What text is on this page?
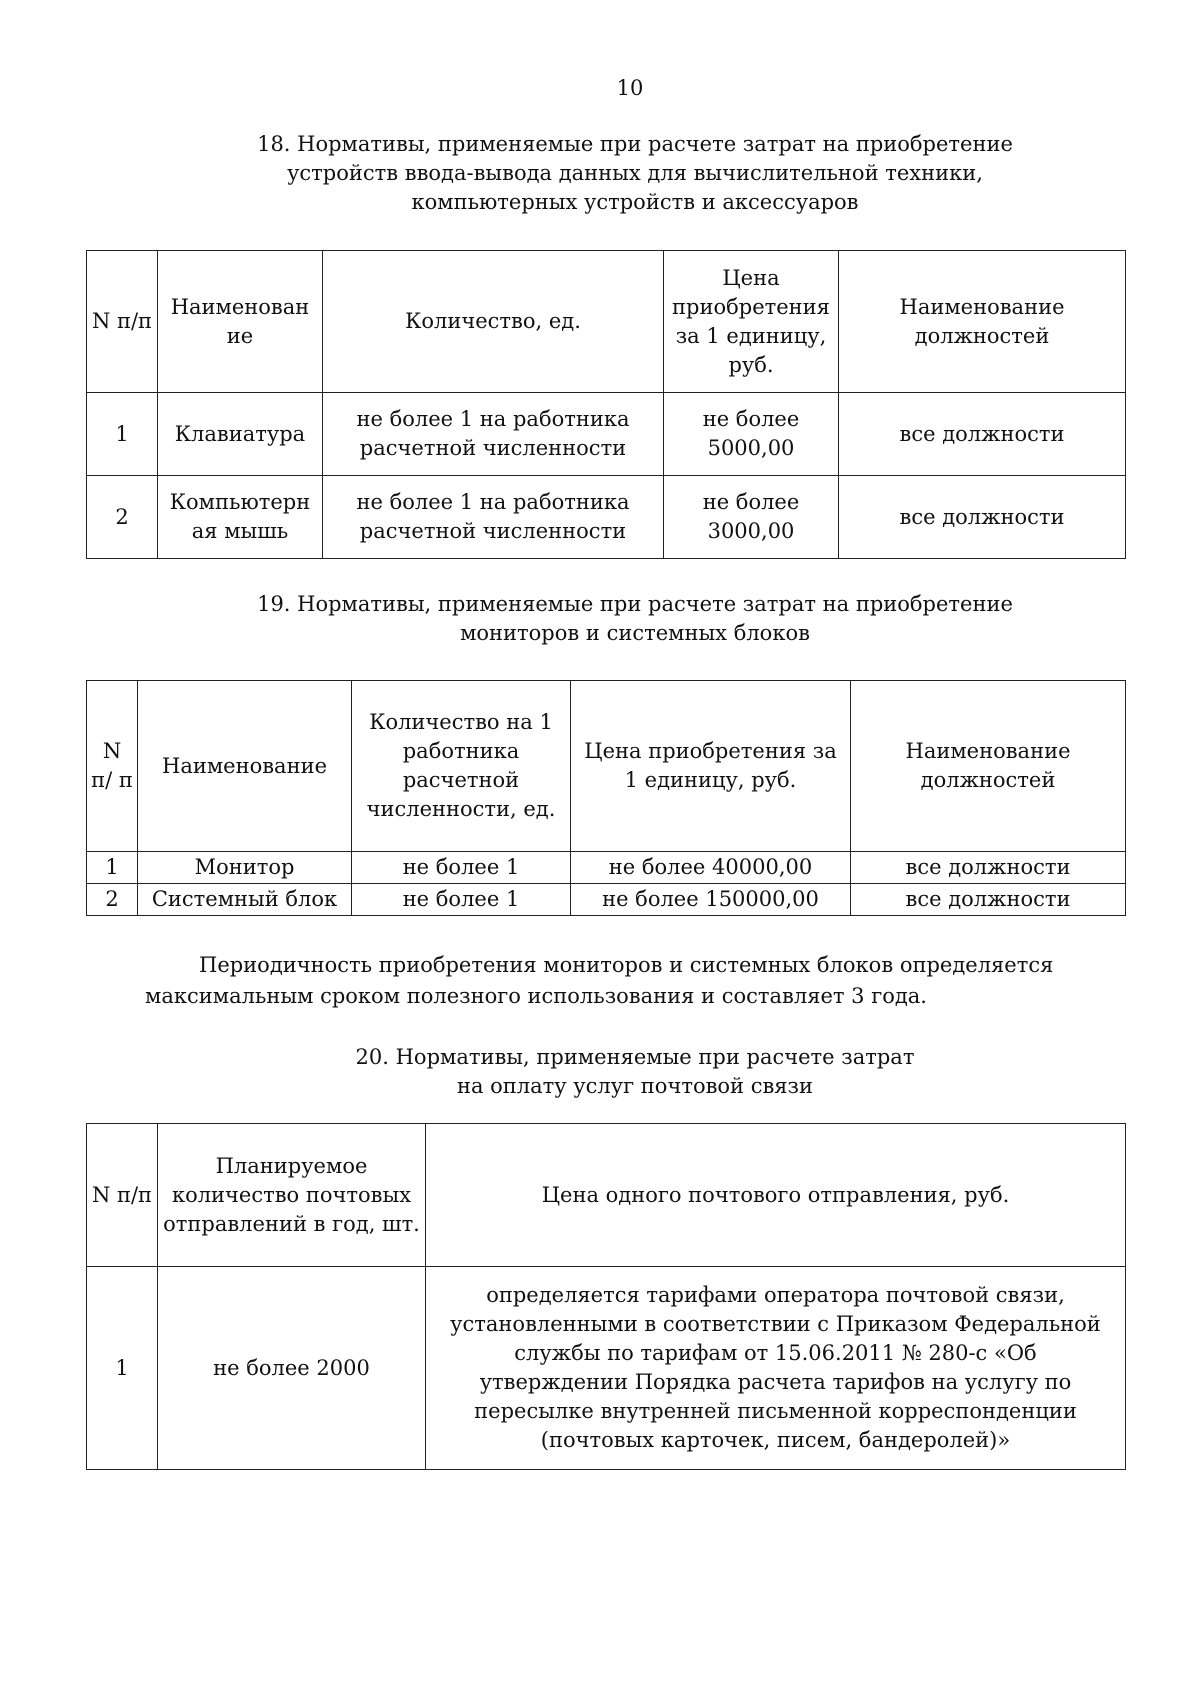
10
18. Нормативы, применяемые при расчете затрат на приобретение
устройств ввода-вывода данных для вычислительной техники,
компьютерных устройств и аксессуаров
N п/п	Наименован ие	Количество, ед.	Цена приобретения за 1 единицу, руб.	Наименование должностей
1	Клавиатура	не более 1 на работника расчетной численности	не более 5000,00	все должности
2	Компьютерн ая мышь	не более 1 на работника расчетной численности	не более 3000,00	все должности
19. Нормативы, применяемые при расчете затрат на приобретение
мониторов и системных блоков
N п/ п	Наименование	Количество на 1 работника расчетной численности, ед.	Цена приобретения за 1 единицу, руб.	Наименование должностей
1	Монитор	не более 1	не более 40000,00	все должности
2	Системный блок	не более 1	не более 150000,00	все должности
Периодичность приобретения мониторов и системных блоков определяется
максимальным сроком полезного использования и составляет 3 года.
20. Нормативы, применяемые при расчете затрат
на оплату услуг почтовой связи
N п/п	Планируемое количество почтовых отправлений в год, шт.	Цена одного почтового отправления, руб.
1	не более 2000	определяется тарифами оператора почтовой связи, установленными в соответствии с Приказом Федеральной службы по тарифам от 15.06.2011 № 280-с «Об утверждении Порядка расчета тарифов на услугу по пересылке внутренней письменной корреспонденции (почтовых карточек, писем, бандеролей)»
